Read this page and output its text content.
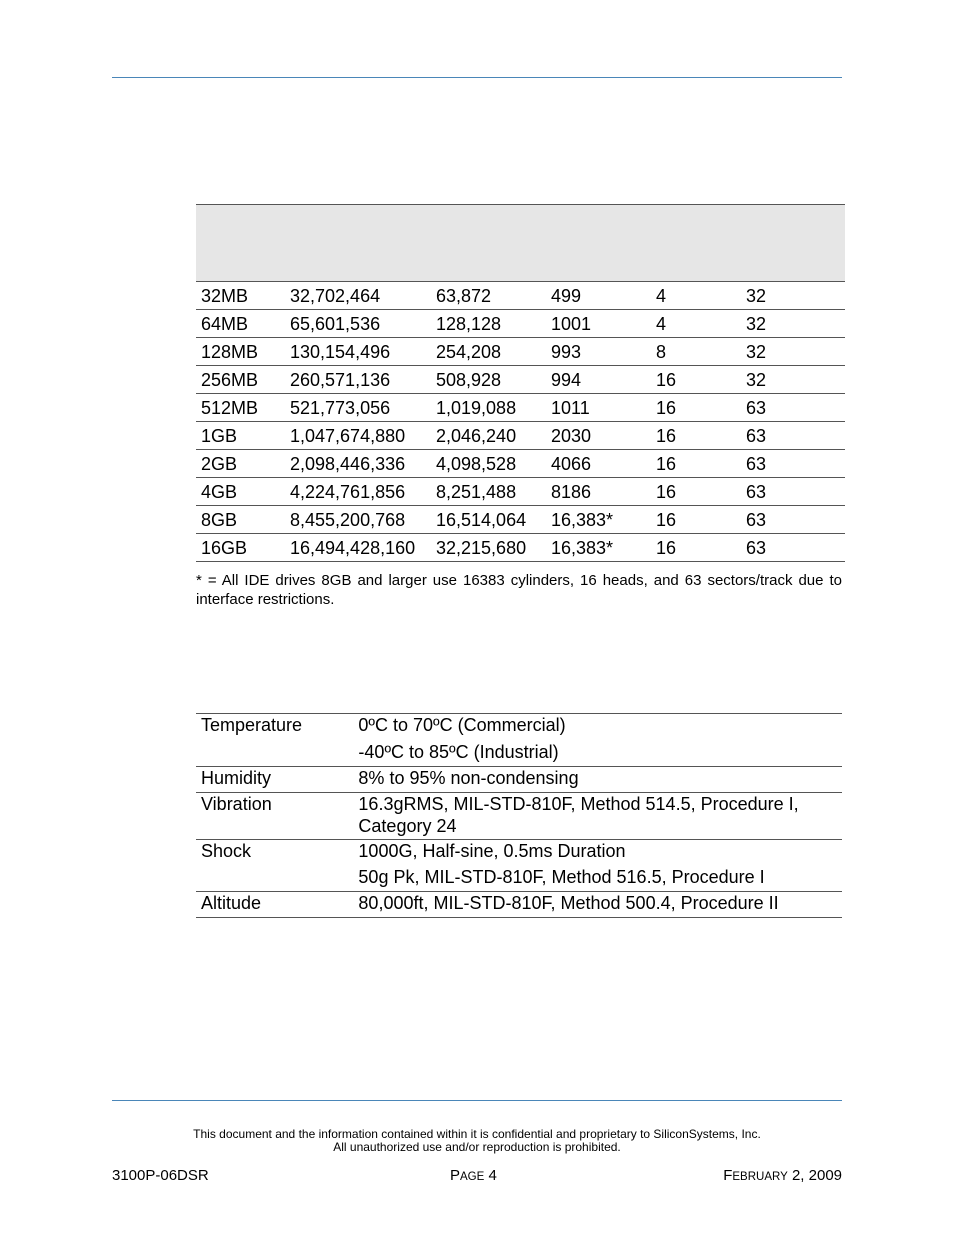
32MB	32,702,464	63,872	499	4	32
64MB	65,601,536	128,128	1001	4	32
128MB	130,154,496	254,208	993	8	32
256MB	260,571,136	508,928	994	16	32
512MB	521,773,056	1,019,088	1011	16	63
1GB	1,047,674,880	2,046,240	2030	16	63
2GB	2,098,446,336	4,098,528	4066	16	63
4GB	4,224,761,856	8,251,488	8186	16	63
8GB	8,455,200,768	16,514,064	16,383*	16	63
16GB	16,494,428,160	32,215,680	16,383*	16	63
* = All IDE drives 8GB and larger use 16383 cylinders, 16 heads, and 63 sectors/track due to interface restrictions.
Temperature	0ºC to 70ºC (Commercial)
	-40ºC to 85ºC (Industrial)
Humidity	8% to 95% non-condensing
Vibration	16.3gRMS, MIL-STD-810F, Method 514.5, Procedure I, Category 24
Shock	1000G, Half-sine, 0.5ms Duration
	50g Pk, MIL-STD-810F, Method 516.5, Procedure I
Altitude	80,000ft, MIL-STD-810F, Method 500.4, Procedure II
This document and the information contained within it is confidential and proprietary to SiliconSystems, Inc.
All unauthorized use and/or reproduction is prohibited.
3100P-06DSR	PAGE 4	FEBRUARY 2, 2009
